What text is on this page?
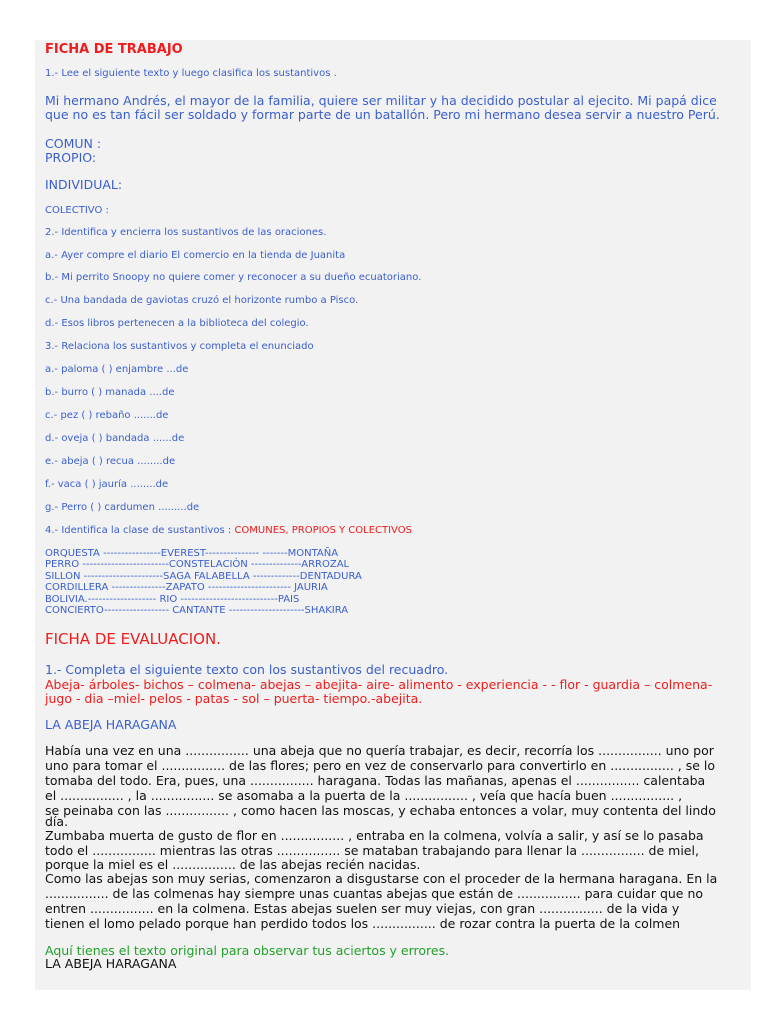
FICHA DE TRABAJO
1.- Lee el siguiente texto y luego clasifica los sustantivos .
Mi hermano Andrés, el mayor de la familia, quiere ser militar y ha decidido postular al ejecito. Mi papá dice
que no es tan fácil ser soldado y formar parte de un batallón. Pero mi hermano desea servir a nuestro Perú.
COMUN :
PROPIO:
INDIVIDUAL:
COLECTIVO :
2.- Identifica y encierra los sustantivos de las oraciones.
a.- Ayer compre el diario El comercio en la tienda de Juanita
b.- Mi perrito Snoopy no quiere comer y reconocer a su dueño ecuatoriano.
c.- Una bandada de gaviotas cruzó el horizonte rumbo a Pisco.
d.- Esos libros pertenecen a la biblioteca del colegio.
3.- Relaciona los sustantivos y completa el enunciado
a.- paloma ( ) enjambre ...de
b.- burro ( ) manada ....de
c.- pez ( ) rebaño .......de
d.- oveja ( ) bandada ......de
e.- abeja ( ) recua ........de
f.- vaca ( ) jauría ........de
g.- Perro ( ) cardumen .........de
4.- Identifica la clase de sustantivos : COMUNES, PROPIOS Y COLECTIVOS
ORQUESTA ----------------EVEREST--------------- -------MONTAÑA
PERRO ------------------------CONSTELACIÓN --------------ARROZAL
SILLON ----------------------SAGA FALABELLA -------------DENTADURA
CORDILLERA ---------------ZAPATO ----------------------- JAURIA
BOLIVIA.------------------- RIO ---------------------------PAIS
CONCIERTO------------------ CANTANTE ---------------------SHAKIRA
FICHA DE EVALUACION.
1.- Completa el siguiente texto con los sustantivos del recuadro.
Abeja- árboles- bichos – colmena- abejas – abejita- aire- alimento - experiencia - - flor - guardia – colmena-
jugo - dia –miel- pelos - patas - sol – puerta- tiempo.-abejita.
LA ABEJA HARAGANA
Había una vez en una ................ una abeja que no quería trabajar, es decir, recorría los ................ uno por
uno para tomar el ................ de las flores; pero en vez de conservarlo para convertirlo en ................ , se lo
tomaba del todo. Era, pues, una ................ haragana. Todas las mañanas, apenas el ................ calentaba
el ................ , la ................ se asomaba a la puerta de la ................ , veía que hacía buen ................ ,
se peinaba con las ................ , como hacen las moscas, y echaba entonces a volar, muy contenta del lindo
día.
Zumbaba muerta de gusto de flor en ................ , entraba en la colmena, volvía a salir, y así se lo pasaba
todo el ................ mientras las otras ................ se mataban trabajando para llenar la ................ de miel,
porque la miel es el ................ de las abejas recién nacidas.
Como las abejas son muy serias, comenzaron a disgustarse con el proceder de la hermana haragana. En la
................ de las colmenas hay siempre unas cuantas abejas que están de ................ para cuidar que no
entren ................ en la colmena. Estas abejas suelen ser muy viejas, con gran ................ de la vida y
tienen el lomo pelado porque han perdido todos los ................ de rozar contra la puerta de la colmen
Aquí tienes el texto original para observar tus aciertos y errores.
LA ABEJA HARAGANA
